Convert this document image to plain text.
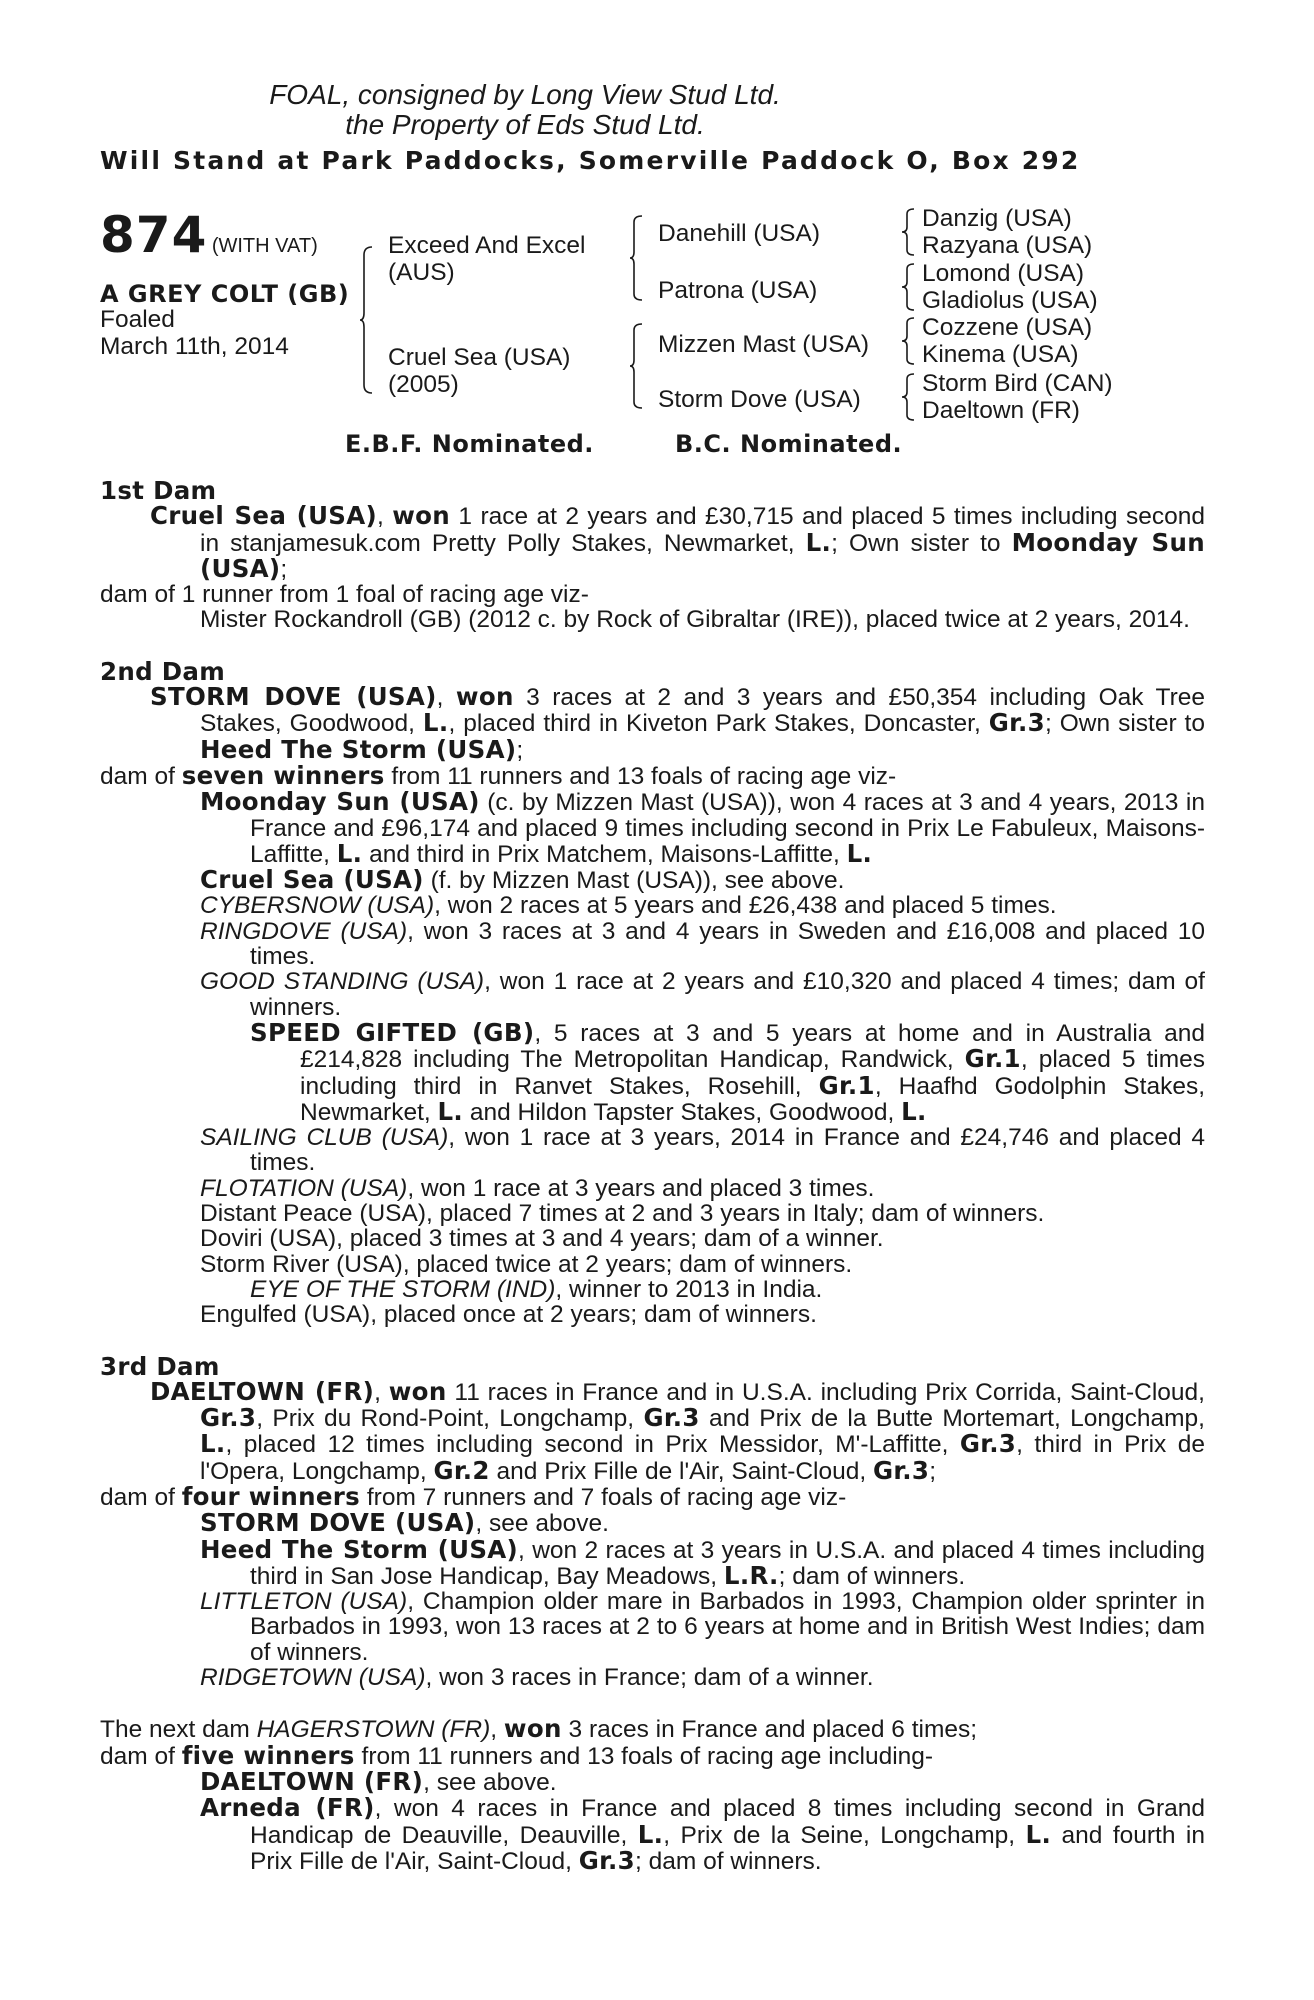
FOAL, consigned by Long View Stud Ltd.
the Property of Eds Stud Ltd.
Will Stand at Park Paddocks, Somerville Paddock O, Box 292
874 (WITH VAT)
A GREY COLT (GB)
Foaled
March 11th, 2014
Exceed And Excel
(AUS)
Cruel Sea (USA)
(2005)
Danehill (USA)
Patrona (USA)
Mizzen Mast (USA)
Storm Dove (USA)
Danzig (USA)
Razyana (USA)
Lomond (USA)
Gladiolus (USA)
Cozzene (USA)
Kinema (USA)
Storm Bird (CAN)
Daeltown (FR)
E.B.F. Nominated.	B.C. Nominated.
1st Dam
Cruel Sea (USA), won 1 race at 2 years and £30,715 and placed 5 times including second in stanjamesuk.com Pretty Polly Stakes, Newmarket, L.; Own sister to Moonday Sun (USA);
dam of 1 runner from 1 foal of racing age viz-
Mister Rockandroll (GB) (2012 c. by Rock of Gibraltar (IRE)), placed twice at 2 years, 2014.
2nd Dam
STORM DOVE (USA), won 3 races at 2 and 3 years and £50,354 including Oak Tree Stakes, Goodwood, L., placed third in Kiveton Park Stakes, Doncaster, Gr.3; Own sister to Heed The Storm (USA);
dam of seven winners from 11 runners and 13 foals of racing age viz-
Moonday Sun (USA) (c. by Mizzen Mast (USA)), won 4 races at 3 and 4 years, 2013 in France and £96,174 and placed 9 times including second in Prix Le Fabuleux, Maisons-Laffitte, L. and third in Prix Matchem, Maisons-Laffitte, L.
Cruel Sea (USA) (f. by Mizzen Mast (USA)), see above.
CYBERSNOW (USA), won 2 races at 5 years and £26,438 and placed 5 times.
RINGDOVE (USA), won 3 races at 3 and 4 years in Sweden and £16,008 and placed 10 times.
GOOD STANDING (USA), won 1 race at 2 years and £10,320 and placed 4 times; dam of winners.
SPEED GIFTED (GB), 5 races at 3 and 5 years at home and in Australia and £214,828 including The Metropolitan Handicap, Randwick, Gr.1, placed 5 times including third in Ranvet Stakes, Rosehill, Gr.1, Haafhd Godolphin Stakes, Newmarket, L. and Hildon Tapster Stakes, Goodwood, L.
SAILING CLUB (USA), won 1 race at 3 years, 2014 in France and £24,746 and placed 4 times.
FLOTATION (USA), won 1 race at 3 years and placed 3 times.
Distant Peace (USA), placed 7 times at 2 and 3 years in Italy; dam of winners.
Doviri (USA), placed 3 times at 3 and 4 years; dam of a winner.
Storm River (USA), placed twice at 2 years; dam of winners.
EYE OF THE STORM (IND), winner to 2013 in India.
Engulfed (USA), placed once at 2 years; dam of winners.
3rd Dam
DAELTOWN (FR), won 11 races in France and in U.S.A. including Prix Corrida, Saint-Cloud, Gr.3, Prix du Rond-Point, Longchamp, Gr.3 and Prix de la Butte Mortemart, Longchamp, L., placed 12 times including second in Prix Messidor, M'-Laffitte, Gr.3, third in Prix de l'Opera, Longchamp, Gr.2 and Prix Fille de l'Air, Saint-Cloud, Gr.3;
dam of four winners from 7 runners and 7 foals of racing age viz-
STORM DOVE (USA), see above.
Heed The Storm (USA), won 2 races at 3 years in U.S.A. and placed 4 times including third in San Jose Handicap, Bay Meadows, L.R.; dam of winners.
LITTLETON (USA), Champion older mare in Barbados in 1993, Champion older sprinter in Barbados in 1993, won 13 races at 2 to 6 years at home and in British West Indies; dam of winners.
RIDGETOWN (USA), won 3 races in France; dam of a winner.
The next dam HAGERSTOWN (FR), won 3 races in France and placed 6 times;
dam of five winners from 11 runners and 13 foals of racing age including-
DAELTOWN (FR), see above.
Arneda (FR), won 4 races in France and placed 8 times including second in Grand Handicap de Deauville, Deauville, L., Prix de la Seine, Longchamp, L. and fourth in Prix Fille de l'Air, Saint-Cloud, Gr.3; dam of winners.
